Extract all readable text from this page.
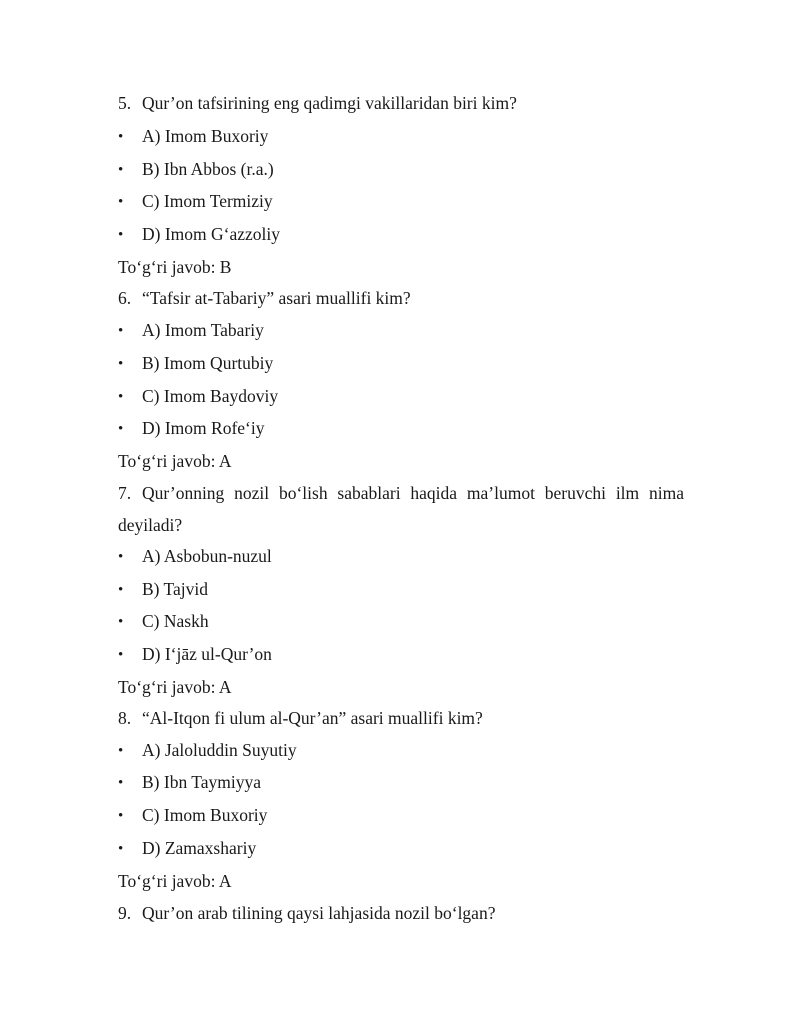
5. Qur’on tafsirining eng qadimgi vakillaridan biri kim?
• A) Imom Buxoriy
• B) Ibn Abbos (r.a.)
• C) Imom Termiziy
• D) Imom G‘azzoliy
To‘g‘ri javob: B
6. “Tafsir at-Tabariy” asari muallifi kim?
• A) Imom Tabariy
• B) Imom Qurtubiy
• C) Imom Baydoviy
• D) Imom Rofe‘iy
To‘g‘ri javob: A
7. Qur’onning nozil bo‘lish sabablari haqida ma’lumot beruvchi ilm nima
deyiladi?
• A) Asbobun-nuzul
• B) Tajvid
• C) Naskh
• D) I‘jāz ul-Qur’on
To‘g‘ri javob: A
8. “Al-Itqon fi ulum al-Qur’an” asari muallifi kim?
• A) Jaloluddin Suyutiy
• B) Ibn Taymiyya
• C) Imom Buxoriy
• D) Zamaxshariy
To‘g‘ri javob: A
9. Qur’on arab tilining qaysi lahjasida nozil bo‘lgan?
